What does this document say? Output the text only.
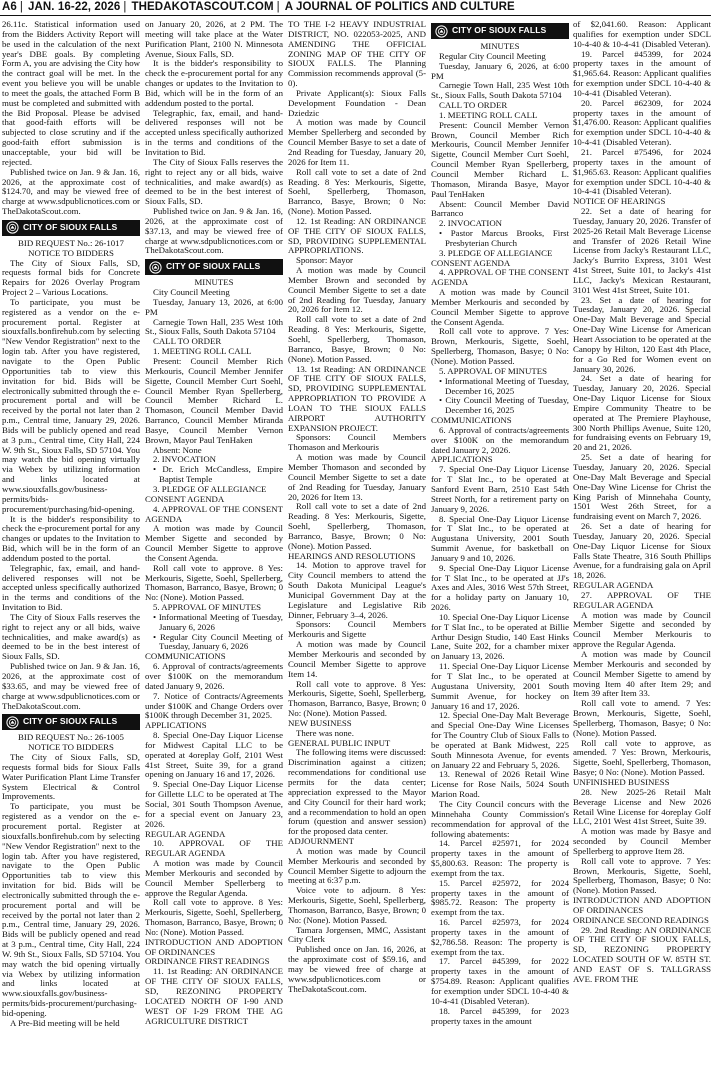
A6 | JAN. 16-22, 2026 | THEDAKOTASCOUT.COM | A JOURNAL OF POLITICS AND CULTURE

26.11c. Statistical information used from the Bidders Activity Report will be used in the calculation of the next year's DBE goals. By completing Form A, you are advising the City how the contract goal will be met. In the event you believe you will be unable to meet the goals, the attached Form B must be completed and submitted with the Bid Proposal. Please be advised that good-faith efforts will be subjected to close scrutiny and if the good-faith effort submission is unacceptable, your bid will be rejected.

Published twice on Jan. 9 & Jan. 16, 2026, at the approximate cost of $124.70, and may be viewed free of charge at www.sdpublicnotices.com or TheDakotaScout.com.

CITY OF SIOUX FALLS

BID REQUEST No.: 26-1017

NOTICE TO BIDDERS

The City of Sioux Falls, SD, requests formal bids for Concrete Repairs for 2026 Overlay Program Project 2 – Various Locations.

To participate, you must be registered as a vendor on the e-procurement portal. Register at siouxfalls.bonfirehub.com by selecting "New Vendor Registration" next to the login tab. After you have registered, navigate to the Open Public Opportunities tab to view this invitation for bid. Bids will be electronically submitted through the e-procurement portal and will be received by the portal not later than 2 p.m., Central time, January 29, 2026. Bids will be publicly opened and read at 3 p.m., Central time, City Hall, 224 W. 9th St., Sioux Falls, SD 57104. You may watch the bid opening virtually via Webex by utilizing information and links located at www.siouxfalls.gov/business-permits/bids-procurement/purchasing/bid-opening.

It is the bidder's responsibility to check the e-procurement portal for any changes or updates to the Invitation to Bid, which will be in the form of an addendum posted to the portal.

Telegraphic, fax, email, and hand-delivered responses will not be accepted unless specifically authorized in the terms and conditions of the Invitation to Bid.

The City of Sioux Falls reserves the right to reject any or all bids, waive technicalities, and make award(s) as deemed to be in the best interest of Sioux Falls, SD.

Published twice on Jan. 9 & Jan. 16, 2026, at the approximate cost of $33.65, and may be viewed free of charge at www.sdpublicnotices.com or TheDakotaScout.com.

CITY OF SIOUX FALLS

BID REQUEST No.: 26-1005

NOTICE TO BIDDERS

The City of Sioux Falls, SD, requests formal bids for Sioux Falls Water Purification Plant Lime Transfer System Electrical & Control Improvements.

To participate, you must be registered as a vendor on the e-procurement portal. Register at siouxfalls.bonfirehub.com by selecting "New Vendor Registration" next to the login tab. After you have registered, navigate to the Open Public Opportunities tab to view this invitation for bid. Bids will be electronically submitted through the e-procurement portal and will be received by the portal not later than 2 p.m., Central time, January 29, 2026. Bids will be publicly opened and read at 3 p.m., Central time, City Hall, 224 W. 9th St., Sioux Falls, SD 57104. You may watch the bid opening virtually via Webex by utilizing information and links located at www.siouxfalls.gov/business-permits/bids-procurement/purchasing-bid-opening.

A Pre-Bid meeting will be held

on January 20, 2026, at 2 PM. The meeting will take place at the Water Purification Plant, 2100 N. Minnesota Avenue, Sioux Falls, SD.

It is the bidder's responsibility to check the e-procurement portal for any changes or updates to the Invitation to Bid, which will be in the form of an addendum posted to the portal.

Telegraphic, fax, email, and hand-delivered responses will not be accepted unless specifically authorized in the terms and conditions of the Invitation to Bid.

The City of Sioux Falls reserves the right to reject any or all bids, waive technicalities, and make award(s) as deemed to be in the best interest of Sioux Falls, SD.

Published twice on Jan. 9 & Jan. 16, 2026, at the approximate cost of $37.13, and may be viewed free of charge at www.sdpublicnotices.com or TheDakotaScout.com.

CITY OF SIOUX FALLS

MINUTES

City Council Meeting

Tuesday, January 13, 2026, at 6:00 PM

Carnegie Town Hall, 235 West 10th St., Sioux Falls, South Dakota 57104

CALL TO ORDER

1. MEETING ROLL CALL

Present: Council Member Rich Merkouris, Council Member Jennifer Sigette, Council Member Curt Soehl, Council Member Ryan Spellerberg, Council Member Richard L. Thomason, Council Member David Barranco, Council Member Miranda Basye, Council Member Vernon Brown, Mayor Paul TenHaken

Absent: None

2. INVOCATION

• Dr. Erich McCandless, Empire Baptist Temple

3. PLEDGE OF ALLEGIANCE

CONSENT AGENDA

4. APPROVAL OF THE CONSENT AGENDA

A motion was made by Council Member Sigette and seconded by Council Member Sigette to approve the Consent Agenda.

Roll call vote to approve. 8 Yes: Merkouris, Sigette, Soehl, Spellerberg, Thomason, Barranco, Basye, Brown; 0 No: (None). Motion Passed.

5. APPROVAL OF MINUTES

• Informational Meeting of Tuesday, January 6, 2026

• Regular City Council Meeting of Tuesday, January 6, 2026

COMMUNICATIONS

6. Approval of contracts/agreements over $100K on the memorandum dated January 9, 2026.

7. Notice of Contracts/Agreements under $100K and Change Orders over $100K through December 31, 2025.

APPLICATIONS

8. Special One-Day Liquor License for Midwest Capital LLC to be operated at 4oreplay Golf, 2101 West 41st Street, Suite 39, for a grand opening on January 16 and 17, 2026.

9. Special One-Day Liquor License for Gillette LLC to be operated at The Social, 301 South Thompson Avenue, for a special event on January 23, 2026.

REGULAR AGENDA

10. APPROVAL OF THE REGULAR AGENDA

A motion was made by Council Member Merkouris and seconded by Council Member Spellerberg to approve the Regular Agenda.

Roll call vote to approve. 8 Yes: Merkouris, Sigette, Soehl, Spellerberg, Thomason, Barranco, Basye, Brown; 0 No: (None). Motion Passed.

INTRODUCTION AND ADOPTION OF ORDINANCES

ORDINANCE FIRST READINGS

11. 1st Reading: AN ORDINANCE OF THE CITY OF SIOUX FALLS, SD, REZONING PROPERTY LOCATED NORTH OF I-90 AND WEST OF I-29 FROM THE AG AGRICULTURE DISTRICT

TO THE I-2 HEAVY INDUSTRIAL DISTRICT, NO. 022053-2025, AND AMENDING THE OFFICIAL ZONING MAP OF THE CITY OF SIOUX FALLS. The Planning Commission recommends approval (5-0).

Private Applicant(s): Sioux Falls Development Foundation - Dean Dziedzic

A motion was made by Council Member Spellerberg and seconded by Council Member Basye to set a date of 2nd Reading for Tuesday, January 20, 2026 for Item 11.

Roll call vote to set a date of 2nd Reading. 8 Yes: Merkouris, Sigette, Soehl, Spellerberg, Thomason, Barranco, Basye, Brown; 0 No: (None). Motion Passed.

12. 1st Reading: AN ORDINANCE OF THE CITY OF SIOUX FALLS, SD, PROVIDING SUPPLEMENTAL APPROPRIATIONS.

Sponsor: Mayor

A motion was made by Council Member Brown and seconded by Council Member Sigette to set a date of 2nd Reading for Tuesday, January 20, 2026 for Item 12.

Roll call vote to set a date of 2nd Reading. 8 Yes: Merkouris, Sigette, Soehl, Spellerberg, Thomason, Barranco, Basye, Brown; 0 No: (None). Motion Passed.

13. 1st Reading: AN ORDINANCE OF THE CITY OF SIOUX FALLS, SD, PROVIDING SUPPLEMENTAL APPROPRIATION TO PROVIDE A LOAN TO THE SIOUX FALLS AIRPORT AUTHORITY EXPANSION PROJECT.

Sponsors: Council Members Thomason and Merkouris

A motion was made by Council Member Thomason and seconded by Council Member Sigette to set a date of 2nd Reading for Tuesday, January 20, 2026 for Item 13.

Roll call vote to set a date of 2nd Reading. 8 Yes: Merkouris, Sigette, Soehl, Spellerberg, Thomason, Barranco, Basye, Brown; 0 No: (None). Motion Passed.

HEARINGS AND RESOLUTIONS

14. Motion to approve travel for City Council members to attend the South Dakota Municipal League's Municipal Government Day at the Legislature and Legislative Rib Dinner, February 3–4, 2026.

Sponsors: Council Members Merkouris and Sigette

A motion was made by Council Member Merkouris and seconded by Council Member Sigette to approve Item 14.

Roll call vote to approve. 8 Yes: Merkouris, Sigette, Soehl, Spellerberg, Thomason, Barranco, Basye, Brown; 0 No: (None). Motion Passed.

NEW BUSINESS

There was none.

GENERAL PUBLIC INPUT

The following items were discussed: Discrimination against a citizen; recommendations for conditional use permits for the data center; appreciation expressed to the Mayor and City Council for their hard work; and a recommendation to hold an open forum (question and answer session) for the proposed data center.

ADJOURNMENT

A motion was made by Council Member Merkouris and seconded by Council Member Sigette to adjourn the meeting at 6:37 p.m.

Voice vote to adjourn. 8 Yes: Merkouris, Sigette, Soehl, Spellerberg, Thomason, Barranco, Basye, Brown; 0 No: (None). Motion Passed.

Tamara Jorgensen, MMC, Assistant City Clerk

Published once on Jan. 16, 2026, at the approximate cost of $59.16, and may be viewed free of charge at www.sdpublicnotices.com or TheDakotaScout.com.

CITY OF SIOUX FALLS

MINUTES

Regular City Council Meeting

Tuesday, January 6, 2026, at 6:00 PM

Carnegie Town Hall, 235 West 10th St., Sioux Falls, South Dakota 57104

CALL TO ORDER

1. MEETING ROLL CALL

Present: Council Member Vernon Brown, Council Member Rich Merkouris, Council Member Jennifer Sigette, Council Member Curt Soehl, Council Member Ryan Spellerberg, Council Member Richard L. Thomason, Miranda Basye, Mayor Paul TenHaken

Absent: Council Member David Barranco

2. INVOCATION

• Pastor Marcus Brooks, First Presbyterian Church

3. PLEDGE OF ALLEGIANCE

CONSENT AGENDA

4. APPROVAL OF THE CONSENT AGENDA

A motion was made by Council Member Merkouris and seconded by Council Member Sigette to approve the Consent Agenda.

Roll call vote to approve. 7 Yes: Brown, Merkouris, Sigette, Soehl, Spellerberg, Thomason, Basye; 0 No: (None). Motion Passed.

5. APPROVAL OF MINUTES

• Informational Meeting of Tuesday, December 16, 2025

• City Council Meeting of Tuesday, December 16, 2025

COMMUNICATIONS

6. Approval of contracts/agreements over $100K on the memorandum dated January 2, 2026.

APPLICATIONS

7. Special One-Day Liquor License for T Slat Inc., to be operated at Sanford Event Barn, 2510 East 54th Street North, for a retirement party on January 9, 2026.

8. Special One-Day Liquor License for T Slat Inc., to be operated at Augustana University, 2001 South Summit Avenue, for basketball on January 9 and 10, 2026.

9. Special One-Day Liquor License for T Slat Inc., to be operated at JJ's Axes and Ales, 3016 West 57th Street, for a holiday party on January 10, 2026.

10. Special One-Day Liquor License for T Slat Inc., to be operated at Billie Arthur Design Studio, 140 East Hinks Lane, Suite 202, for a chamber mixer on January 13, 2026.

11. Special One-Day Liquor License for T Slat Inc., to be operated at Augustana University, 2001 South Summit Avenue, for hockey on January 16 and 17, 2026.

12. Special One-Day Malt Beverage and Special One-Day Wine Licenses for The Country Club of Sioux Falls to be operated at Bank Midwest, 225 South Minnesota Avenue, for events on January 22 and February 5, 2026.

13. Renewal of 2026 Retail Wine License for Rose Nails, 5024 South Marion Road.

The City Council concurs with the Minnehaha County Commission's recommendation for approval of the following abatements:

14. Parcel #25971, for 2024 property taxes in the amount of $5,800.63. Reason: The property is exempt from the tax.

15. Parcel #25972, for 2024 property taxes in the amount of $985.72. Reason: The property is exempt from the tax.

16. Parcel #25973, for 2024 property taxes in the amount of $2,786.58. Reason: The property is exempt from the tax.

17. Parcel #45399, for 2022 property taxes in the amount of $754.89. Reason: Applicant qualifies for exemption under SDCL 10-4-40 & 10-4-41 (Disabled Veteran).

18. Parcel #45399, for 2023 property taxes in the amount

of $2,041.60. Reason: Applicant qualifies for exemption under SDCL 10-4-40 & 10-4-41 (Disabled Veteran).

19. Parcel #45399, for 2024 property taxes in the amount of $1,965.64. Reason: Applicant qualifies for exemption under SDCL 10-4-40 & 10-4-41 (Disabled Veteran).

20. Parcel #62309, for 2024 property taxes in the amount of $1,476.00. Reason: Applicant qualifies for exemption under SDCL 10-4-40 & 10-4-41 (Disabled Veteran).

21. Parcel #75496, for 2024 property taxes in the amount of $1,965.63. Reason: Applicant qualifies for exemption under SDCL 10-4-40 & 10-4-41 (Disabled Veteran).

NOTICE OF HEARINGS

22. Set a date of hearing for Tuesday, January 20, 2026. Transfer of 2025-26 Retail Malt Beverage License and Transfer of 2026 Retail Wine License from Jacky's Restaurant LLC, Jacky's Burrito Express, 3101 West 41st Street, Suite 101, to Jacky's 41st LLC, Jacky's Mexican Restaurant, 3101 West 41st Street, Suite 101.

23. Set a date of hearing for Tuesday, January 20, 2026. Special One-Day Malt Beverage and Special One-Day Wine License for American Heart Association to be operated at the Canopy by Hilton, 120 East 4th Place, for a Go Red for Women event on January 30, 2026.

24. Set a date of hearing for Tuesday, January 20, 2026. Special One-Day Liquor License for Sioux Empire Community Theatre to be operated at The Premiere Playhouse, 300 North Phillips Avenue, Suite 120, for fundraising events on February 19, 20 and 21, 2026.

25. Set a date of hearing for Tuesday, January 20, 2026. Special One-Day Malt Beverage and Special One-Day Wine License for Christ the King Parish of Minnehaha County, 1501 West 26th Street, for a fundraising event on March 7, 2026.

26. Set a date of hearing for Tuesday, January 20, 2026. Special One-Day Liquor License for Sioux Falls State Theatre, 316 South Phillips Avenue, for a fundraising gala on April 18, 2026.

REGULAR AGENDA

27. APPROVAL OF THE REGULAR AGENDA

A motion was made by Council Member Sigette and seconded by Council Member Merkouris to approve the Regular Agenda.

A motion was made by Council Member Merkouris and seconded by Council Member Sigette to amend by moving Item 40 after Item 29; and Item 39 after Item 33.

Roll call vote to amend. 7 Yes: Brown, Merkouris, Sigette, Soehl, Spellerberg, Thomason, Basye; 0 No: (None). Motion Passed.

Roll call vote to approve, as amended. 7 Yes: Brown, Merkouris, Sigette, Soehl, Spellerberg, Thomason, Basye; 0 No: (None). Motion Passed.

UNFINISHED BUSINESS

28. New 2025-26 Retail Malt Beverage License and New 2026 Retail Wine License for 4oreplay Golf LLC, 2101 West 41st Street, Suite 39.

A motion was made by Basye and seconded by Council Member Spellerberg to approve Item 28.

Roll call vote to approve. 7 Yes: Brown, Merkouris, Sigette, Soehl, Spellerberg, Thomason, Basye; 0 No: (None). Motion Passed.

INTRODUCTION AND ADOPTION OF ORDINANCES

ORDINANCE SECOND READINGS

29. 2nd Reading: AN ORDINANCE OF THE CITY OF SIOUX FALLS, SD, REZONING PROPERTY LOCATED SOUTH OF W. 85TH ST. AND EAST OF S. TALLGRASS AVE. FROM THE
